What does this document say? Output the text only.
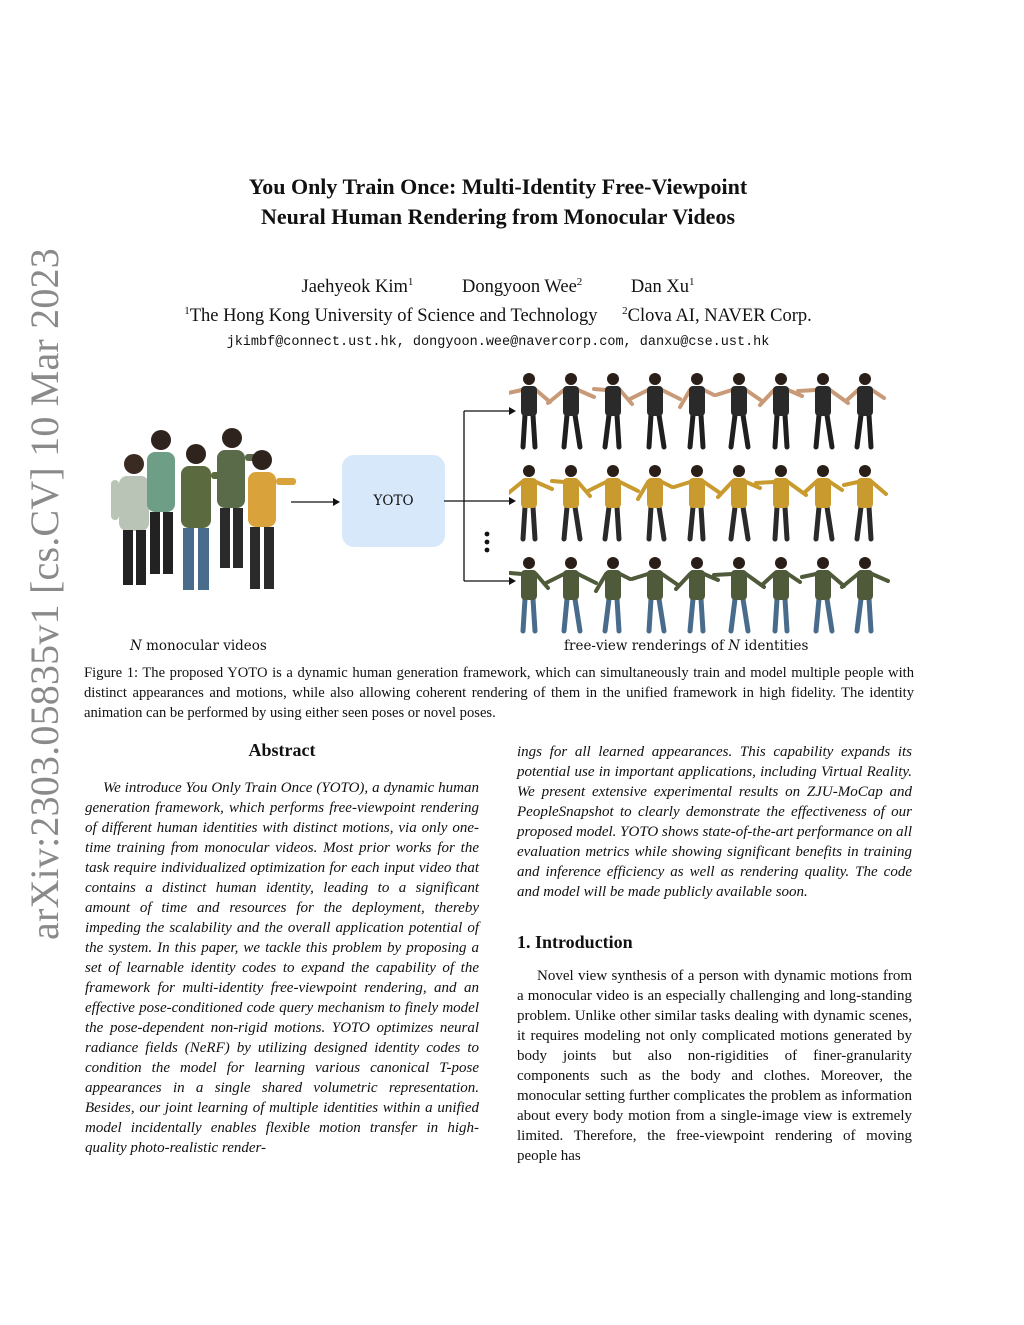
arXiv:2303.05835v1 [cs.CV] 10 Mar 2023
You Only Train Once: Multi-Identity Free-Viewpoint
Neural Human Rendering from Monocular Videos
Jaehyeok Kim$^1$	Dongyoon Wee$^2$	Dan Xu$^1$
$^1$The Hong Kong University of Science and Technology $^2$Clova AI, NAVER Corp.
jkimbf@connect.ust.hk, dongyoon.wee@navercorp.com, danxu@cse.ust.hk
YOTO
N monocular videos	free-view renderings of N identities
Figure 1: The proposed YOTO is a dynamic human generation framework, which can simultaneously train and model multiple people with distinct appearances and motions, while also allowing coherent rendering of them in the unified framework in high fidelity. The identity animation can be performed by using either seen poses or novel poses.
Abstract
We introduce You Only Train Once (YOTO), a dynamic human generation framework, which performs free-viewpoint rendering of different human identities with distinct motions, via only one-time training from monocular videos. Most prior works for the task require individualized optimization for each input video that contains a distinct human identity, leading to a significant amount of time and resources for the deployment, thereby impeding the scalability and the overall application potential of the system. In this paper, we tackle this problem by proposing a set of learnable identity codes to expand the capability of the framework for multi-identity free-viewpoint rendering, and an effective pose-conditioned code query mechanism to finely model the pose-dependent non-rigid motions. YOTO optimizes neural radiance fields (NeRF) by utilizing designed identity codes to condition the model for learning various canonical T-pose appearances in a single shared volumetric representation. Besides, our joint learning of multiple identities within a unified model incidentally enables flexible motion transfer in high-quality photo-realistic render-
ings for all learned appearances. This capability expands its potential use in important applications, including Virtual Reality. We present extensive experimental results on ZJU-MoCap and PeopleSnapshot to clearly demonstrate the effectiveness of our proposed model. YOTO shows state-of-the-art performance on all evaluation metrics while showing significant benefits in training and inference efficiency as well as rendering quality. The code and model will be made publicly available soon.
1. Introduction
Novel view synthesis of a person with dynamic motions from a monocular video is an especially challenging and long-standing problem. Unlike other similar tasks dealing with dynamic scenes, it requires modeling not only complicated motions generated by body joints but also non-rigidities of finer-granularity components such as the body and clothes. Moreover, the monocular setting further complicates the problem as information about every body motion from a single-image view is extremely limited. Therefore, the free-viewpoint rendering of moving people has
